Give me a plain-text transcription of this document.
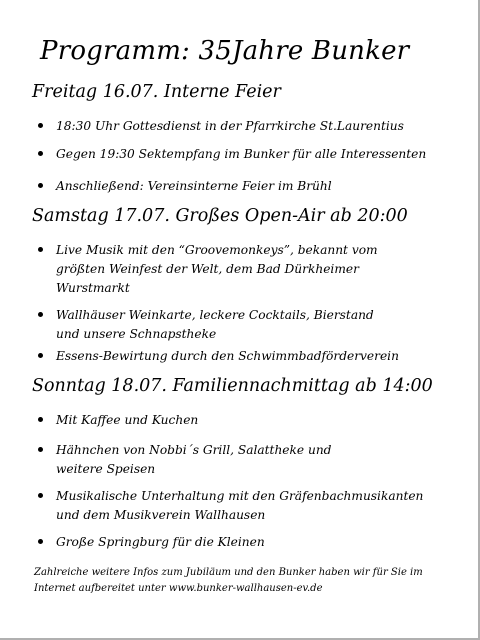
Programm: 35Jahre Bunker
Freitag 16.07. Interne Feier
18:30 Uhr Gottesdienst in der Pfarrkirche St.Laurentius
Gegen 19:30 Sektempfang im Bunker für alle Interessenten
Anschließend: Vereinsinterne Feier im Brühl
Samstag 17.07. Großes Open-Air ab 20:00
Live Musik mit den “Groovemonkeys”, bekannt vom
größten Weinfest der Welt, dem Bad Dürkheimer
Wurstmarkt
Wallhäuser Weinkarte, leckere Cocktails, Bierstand
und unsere Schnapstheke
Essens-Bewirtung durch den Schwimmbadförderverein
Sonntag 18.07. Familiennachmittag ab 14:00
Mit Kaffee und Kuchen
Hähnchen von Nobbi´s Grill, Salattheke und
weitere Speisen
Musikalische Unterhaltung mit den Gräfenbachmusikanten
und dem Musikverein Wallhausen
Große Springburg für die Kleinen
Zahlreiche weitere Infos zum Jubiläum und den Bunker haben wir für Sie im
Internet aufbereitet unter www.bunker-wallhausen-ev.de
